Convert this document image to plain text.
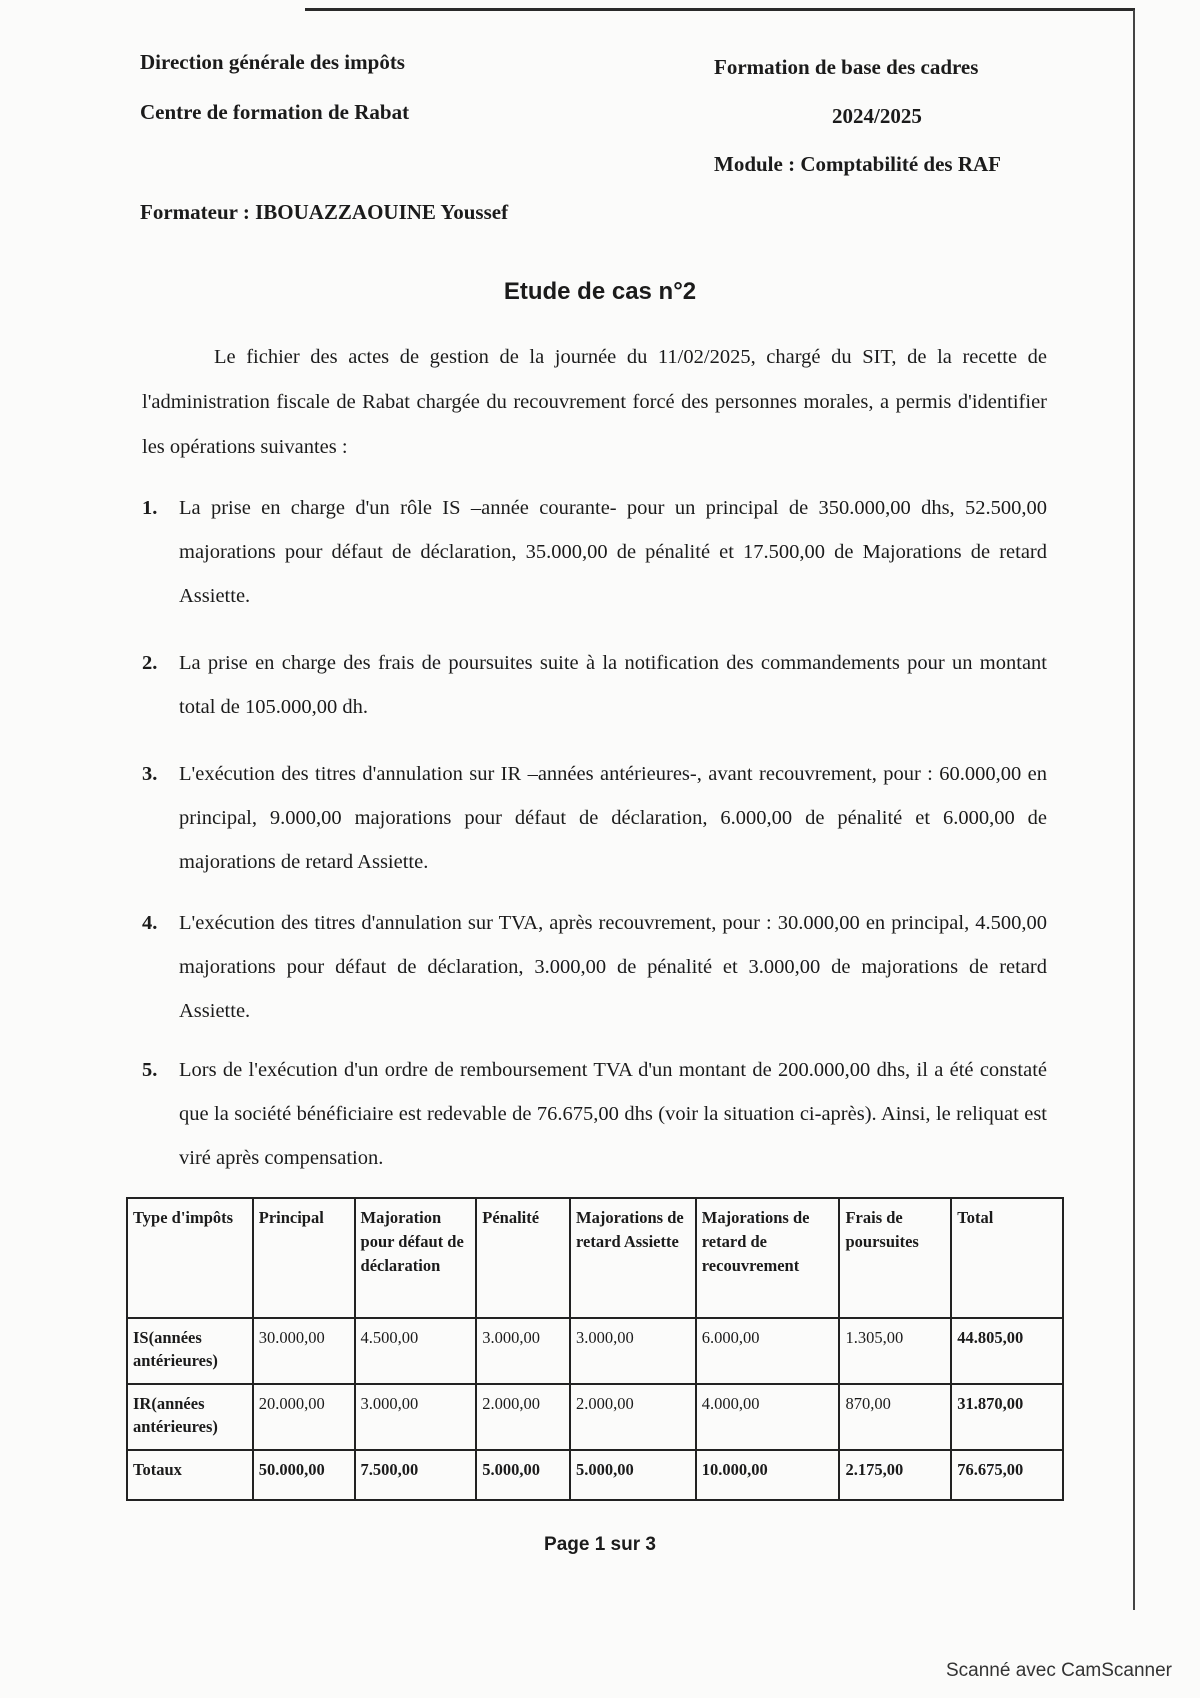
Direction générale des impôts
Centre de formation de Rabat
Formation de base des cadres
2024/2025
Module : Comptabilité des RAF
Formateur : IBOUAZZAOUINE Youssef
Etude de cas n°2
Le fichier des actes de gestion de la journée du 11/02/2025, chargé du SIT, de la recette de l'administration fiscale de Rabat chargée du recouvrement forcé des personnes morales, a permis d'identifier les opérations suivantes :
1. La prise en charge d'un rôle IS –année courante- pour un principal de 350.000,00 dhs, 52.500,00 majorations pour défaut de déclaration, 35.000,00 de pénalité et 17.500,00 de Majorations de retard Assiette.
2. La prise en charge des frais de poursuites suite à la notification des commandements pour un montant total de 105.000,00 dh.
3. L'exécution des titres d'annulation sur IR –années antérieures-, avant recouvrement, pour : 60.000,00 en principal, 9.000,00 majorations pour défaut de déclaration, 6.000,00 de pénalité et 6.000,00 de majorations de retard Assiette.
4. L'exécution des titres d'annulation sur TVA, après recouvrement, pour : 30.000,00 en principal, 4.500,00 majorations pour défaut de déclaration, 3.000,00 de pénalité et 3.000,00 de majorations de retard Assiette.
5. Lors de l'exécution d'un ordre de remboursement TVA d'un montant de 200.000,00 dhs, il a été constaté que la société bénéficiaire est redevable de 76.675,00 dhs (voir la situation ci-après). Ainsi, le reliquat est viré après compensation.
Type d'impôts	Principal	Majoration pour défaut de déclaration	Pénalité	Majorations de retard Assiette	Majorations de retard de recouvrement	Frais de poursuites	Total
IS(années antérieures)	30.000,00	4.500,00	3.000,00	3.000,00	6.000,00	1.305,00	44.805,00
IR(années antérieures)	20.000,00	3.000,00	2.000,00	2.000,00	4.000,00	870,00	31.870,00
Totaux	50.000,00	7.500,00	5.000,00	5.000,00	10.000,00	2.175,00	76.675,00
Page 1 sur 3
Scanné avec CamScanner
